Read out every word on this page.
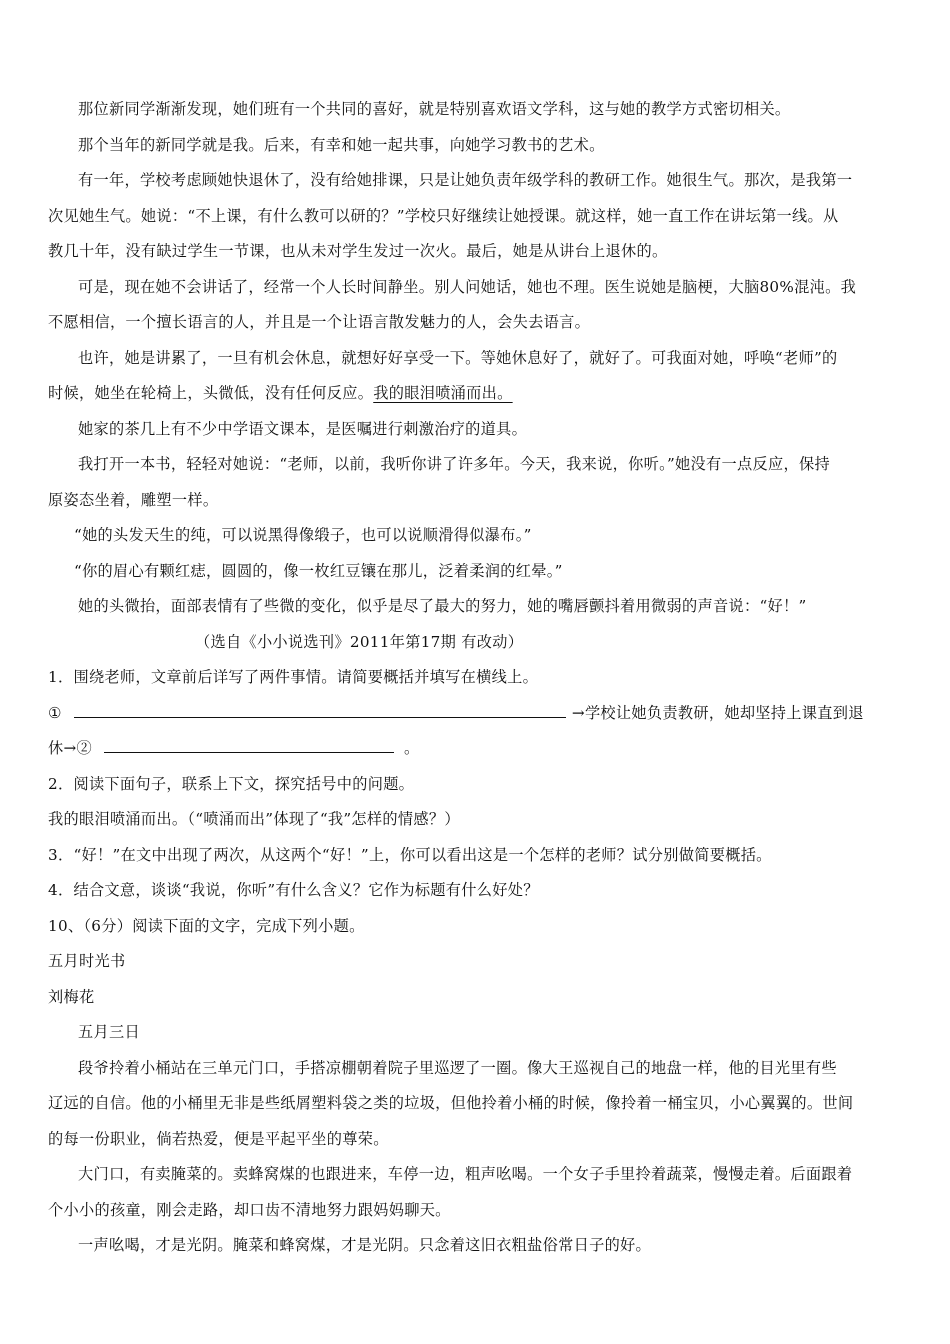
那位新同学渐渐发现，她们班有一个共同的喜好，就是特别喜欢语文学科，这与她的教学方式密切相关。
那个当年的新同学就是我。后来，有幸和她一起共事，向她学习教书的艺术。
有一年，学校考虑顾她快退休了，没有给她排课，只是让她负责年级学科的教研工作。她很生气。那次，是我第一
次见她生气。她说：“不上课，有什么教可以研的？”学校只好继续让她授课。就这样，她一直工作在讲坛第一线。从
教几十年，没有缺过学生一节课，也从未对学生发过一次火。最后，她是从讲台上退休的。
可是，现在她不会讲话了，经常一个人长时间静坐。别人问她话，她也不理。医生说她是脑梗，大脑80%混沌。我
不愿相信，一个擅长语言的人，并且是一个让语言散发魅力的人，会失去语言。
也许，她是讲累了，一旦有机会休息，就想好好享受一下。等她休息好了，就好了。可我面对她，呼唤“老师”的
时候，她坐在轮椅上，头微低，没有任何反应。我的眼泪喷涌而出。
她家的茶几上有不少中学语文课本，是医嘱进行刺激治疗的道具。
我打开一本书，轻轻对她说：“老师，以前，我听你讲了许多年。今天，我来说，你听。”她没有一点反应，保持
原姿态坐着，雕塑一样。
“她的头发天生的纯，可以说黑得像缎子，也可以说顺滑得似瀑布。”
“你的眉心有颗红痣，圆圆的，像一枚红豆镶在那儿，泛着柔润的红晕。”
她的头微抬，面部表情有了些微的变化，似乎是尽了最大的努力，她的嘴唇颤抖着用微弱的声音说：“好！”
（选自《小小说选刊》2011年第17期 有改动）
1．围绕老师，文章前后详写了两件事情。请简要概括并填写在横线上。
①	→学校让她负责教研，她却坚持上课直到退
休→②	。
2．阅读下面句子，联系上下文，探究括号中的问题。
我的眼泪喷涌而出。（“喷涌而出”体现了“我”怎样的情感？）
3．“好！”在文中出现了两次，从这两个“好！”上，你可以看出这是一个怎样的老师？试分别做简要概括。
4．结合文意，谈谈“我说，你听”有什么含义？它作为标题有什么好处？
10、（6分）阅读下面的文字，完成下列小题。
五月时光书
刘梅花
五月三日
段爷拎着小桶站在三单元门口，手搭凉棚朝着院子里巡逻了一圈。像大王巡视自己的地盘一样，他的目光里有些
辽远的自信。他的小桶里无非是些纸屑塑料袋之类的垃圾，但他拎着小桶的时候，像拎着一桶宝贝，小心翼翼的。世间
的每一份职业，倘若热爱，便是平起平坐的尊荣。
大门口，有卖腌菜的。卖蜂窝煤的也跟进来，车停一边，粗声吆喝。一个女子手里拎着蔬菜，慢慢走着。后面跟着
个小小的孩童，刚会走路，却口齿不清地努力跟妈妈聊天。
一声吆喝，才是光阴。腌菜和蜂窝煤，才是光阴。只念着这旧衣粗盐俗常日子的好。
